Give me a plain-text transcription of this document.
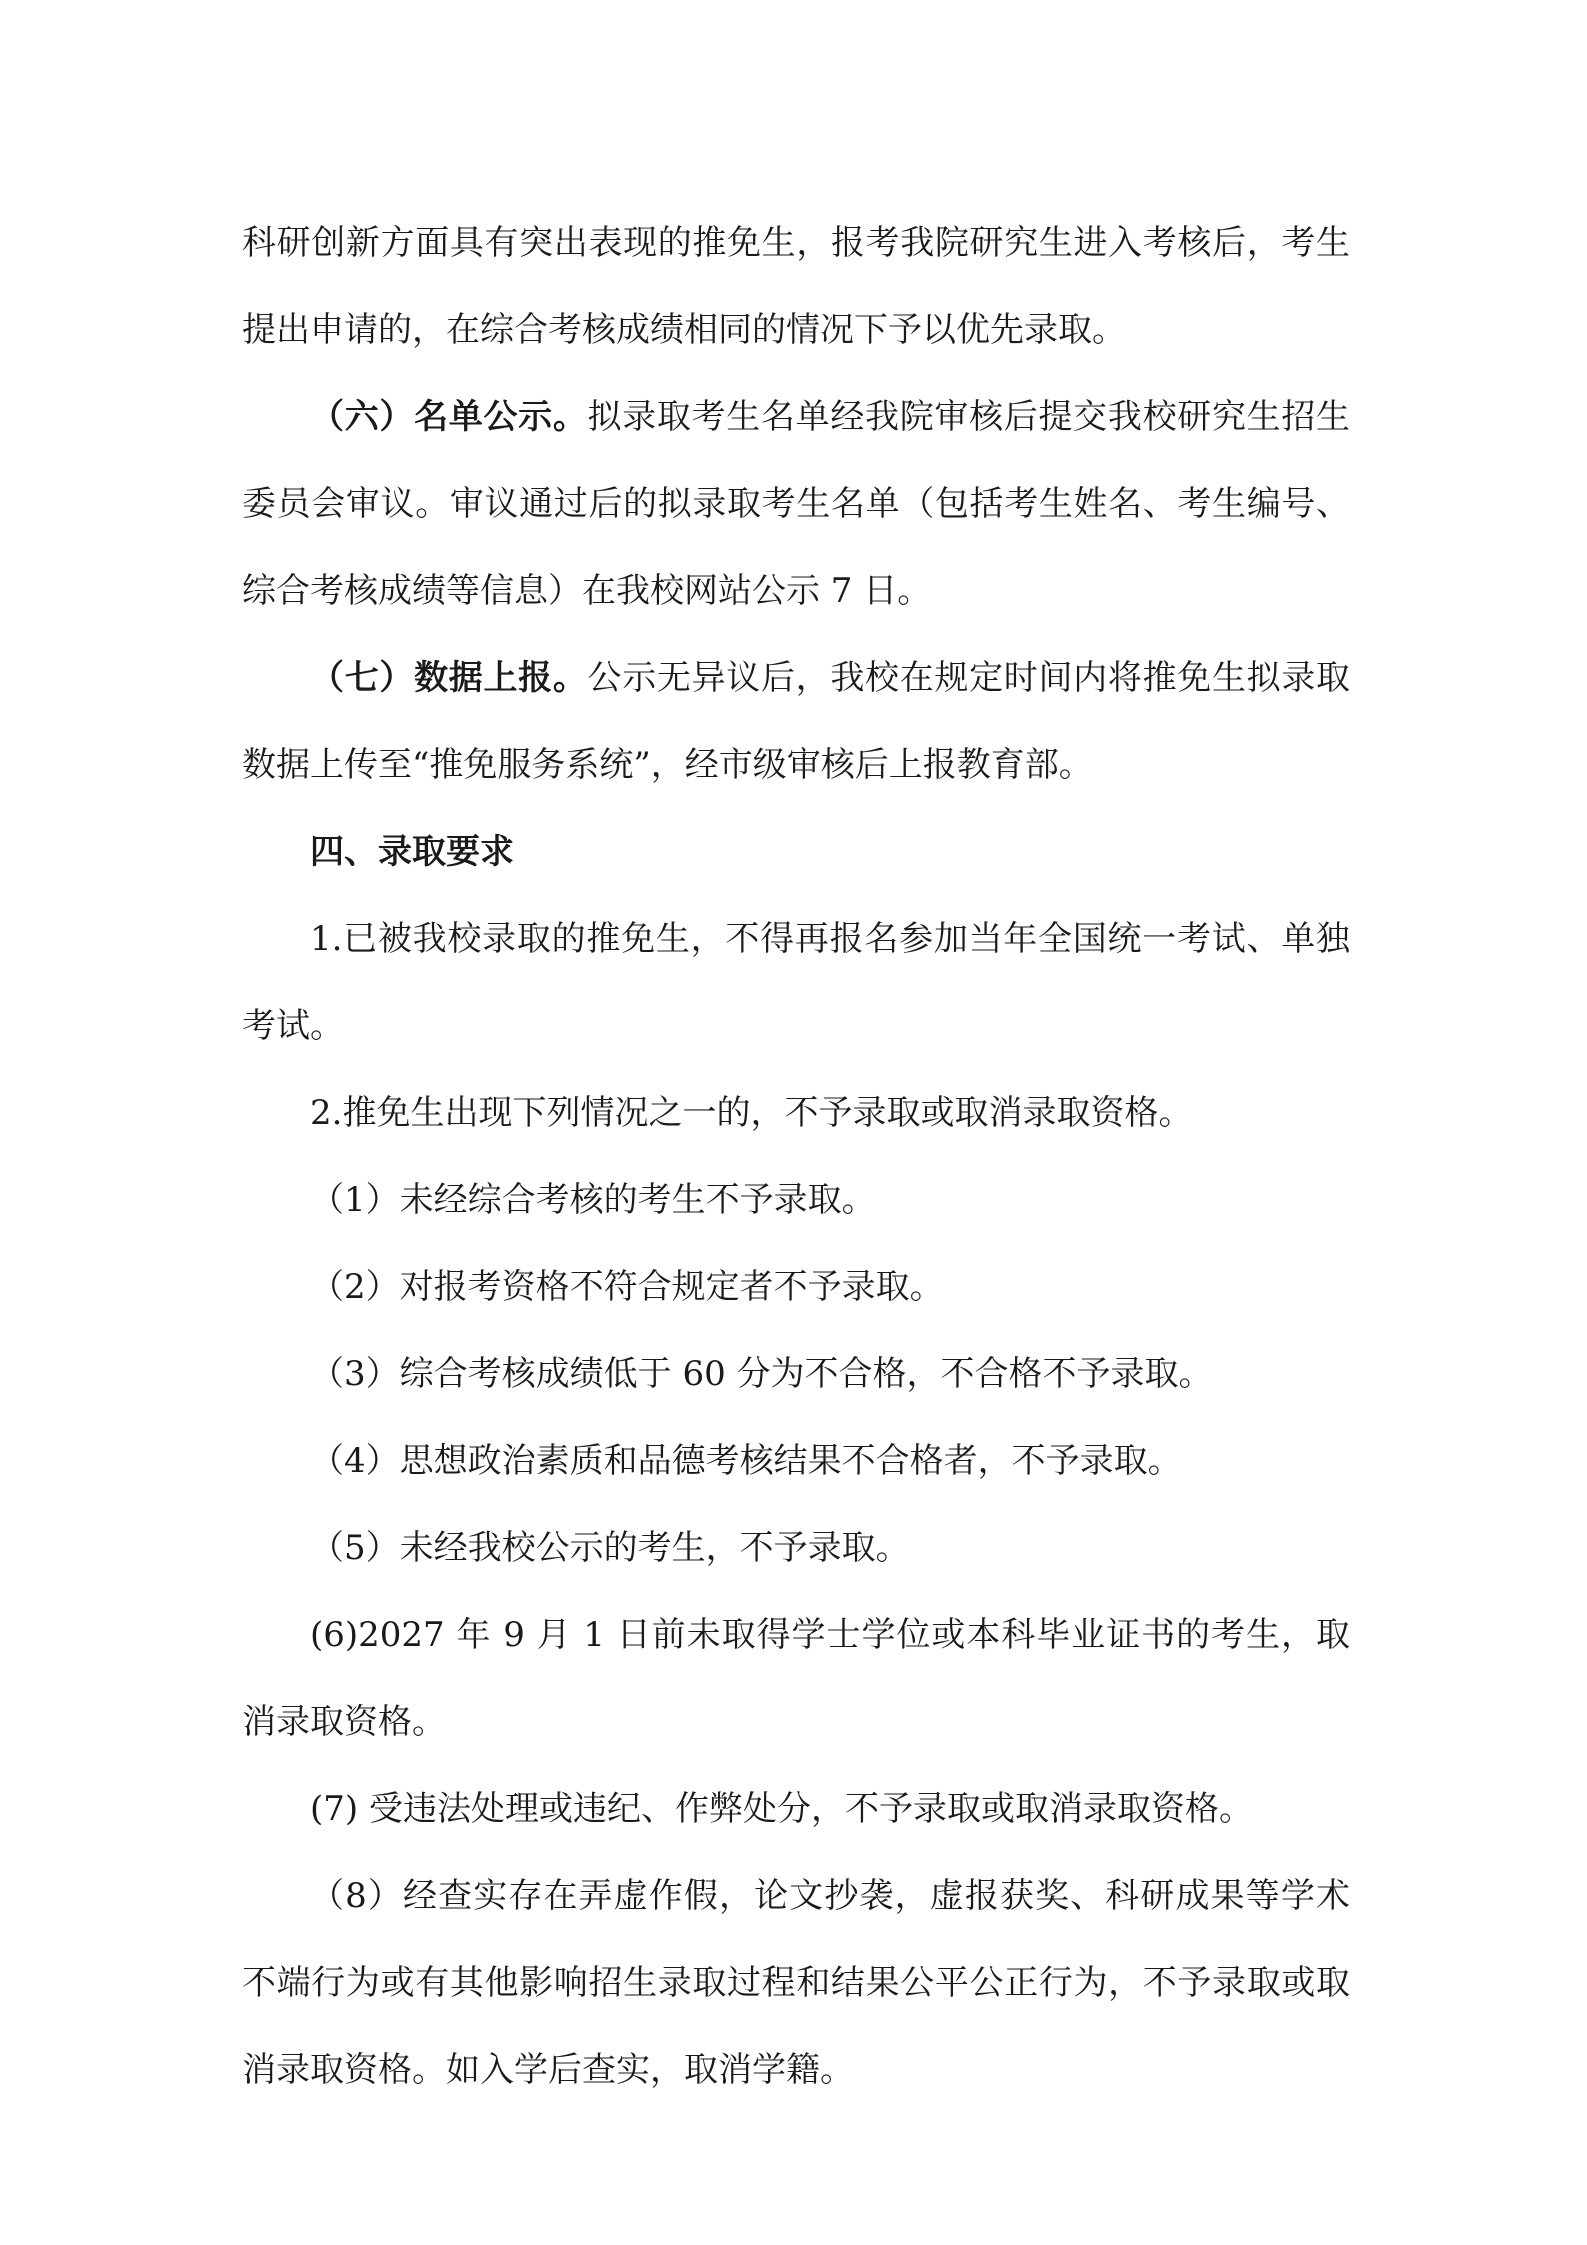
科研创新方面具有突出表现的推免生，报考我院研究生进入考核后，考生提出申请的，在综合考核成绩相同的情况下予以优先录取。

（六）名单公示。拟录取考生名单经我院审核后提交我校研究生招生委员会审议。审议通过后的拟录取考生名单（包括考生姓名、考生编号、综合考核成绩等信息）在我校网站公示 7 日。

（七）数据上报。公示无异议后，我校在规定时间内将推免生拟录取数据上传至“推免服务系统”，经市级审核后上报教育部。

四、录取要求

1.已被我校录取的推免生，不得再报名参加当年全国统一考试、单独考试。

2.推免生出现下列情况之一的，不予录取或取消录取资格。

（1）未经综合考核的考生不予录取。

（2）对报考资格不符合规定者不予录取。

（3）综合考核成绩低于 60 分为不合格，不合格不予录取。

（4）思想政治素质和品德考核结果不合格者，不予录取。

（5）未经我校公示的考生，不予录取。

(6)2027 年 9 月 1 日前未取得学士学位或本科毕业证书的考生，取消录取资格。

(7) 受违法处理或违纪、作弊处分，不予录取或取消录取资格。

（8）经查实存在弄虚作假，论文抄袭，虚报获奖、科研成果等学术不端行为或有其他影响招生录取过程和结果公平公正行为，不予录取或取消录取资格。如入学后查实，取消学籍。
